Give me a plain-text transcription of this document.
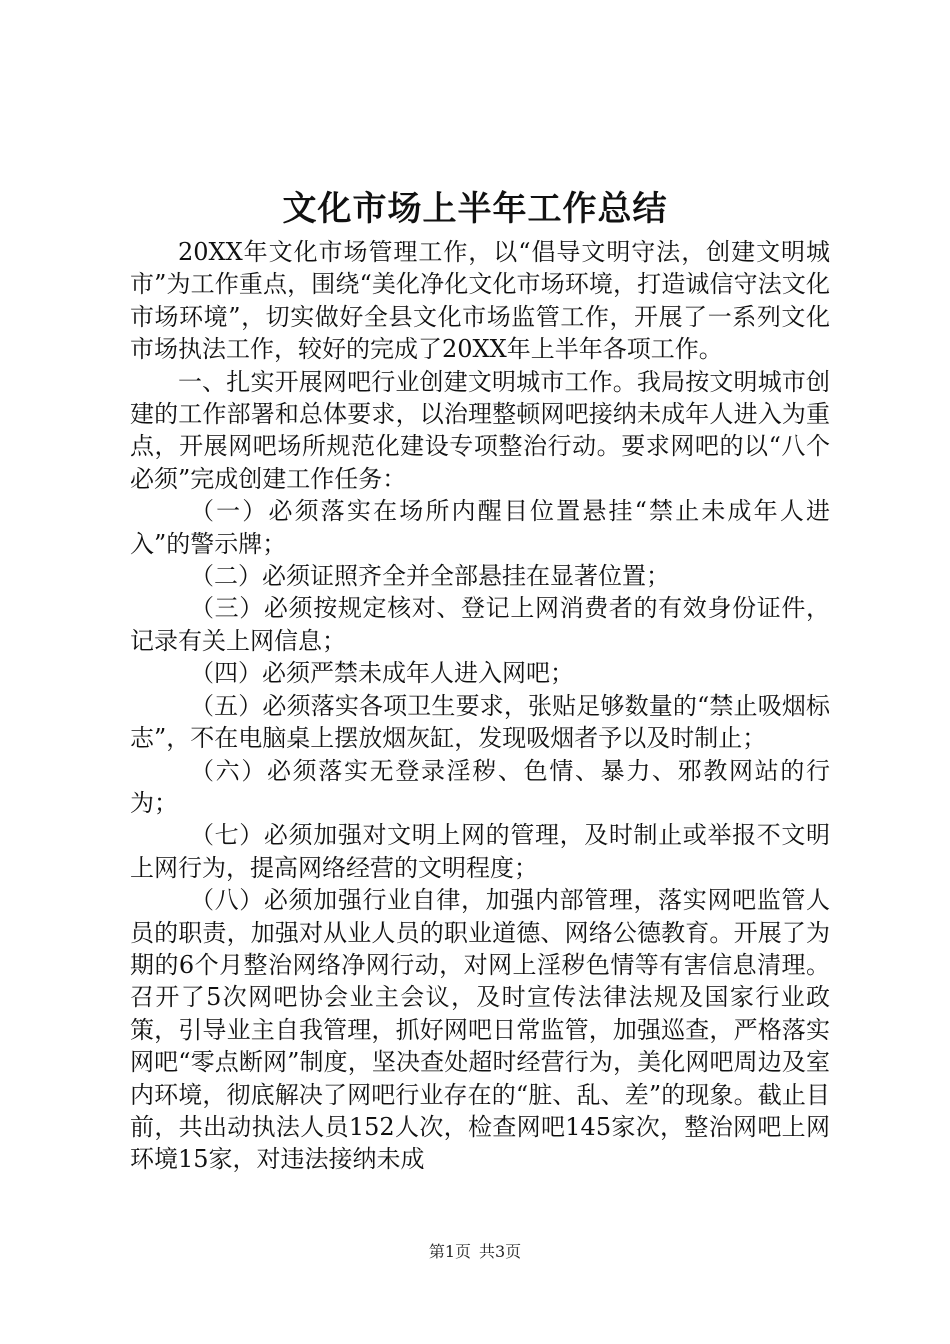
文化市场上半年工作总结

20XX年文化市场管理工作，以“倡导文明守法，创建文明城市”为工作重点，围绕“美化净化文化市场环境，打造诚信守法文化市场环境”，切实做好全县文化市场监管工作，开展了一系列文化市场执法工作，较好的完成了20XX年上半年各项工作。

一、扎实开展网吧行业创建文明城市工作。我局按文明城市创建的工作部署和总体要求，以治理整顿网吧接纳未成年人进入为重点，开展网吧场所规范化建设专项整治行动。要求网吧的以“八个必须”完成创建工作任务：

（一）必须落实在场所内醒目位置悬挂“禁止未成年人进入”的警示牌；

（二）必须证照齐全并全部悬挂在显著位置；

（三）必须按规定核对、登记上网消费者的有效身份证件，记录有关上网信息；

（四）必须严禁未成年人进入网吧；

（五）必须落实各项卫生要求，张贴足够数量的“禁止吸烟标志”，不在电脑桌上摆放烟灰缸，发现吸烟者予以及时制止；

（六）必须落实无登录淫秽、色情、暴力、邪教网站的行为；

（七）必须加强对文明上网的管理，及时制止或举报不文明上网行为，提高网络经营的文明程度；

（八）必须加强行业自律，加强内部管理，落实网吧监管人员的职责，加强对从业人员的职业道德、网络公德教育。开展了为期的6个月整治网络净网行动，对网上淫秽色情等有害信息清理。召开了5次网吧协会业主会议，及时宣传法律法规及国家行业政策，引导业主自我管理，抓好网吧日常监管，加强巡查，严格落实网吧“零点断网”制度，坚决查处超时经营行为，美化网吧周边及室内环境，彻底解决了网吧行业存在的“脏、乱、差”的现象。截止目前，共出动执法人员152人次，检查网吧145家次，整治网吧上网环境15家，对违法接纳未成

第1页 共3页
